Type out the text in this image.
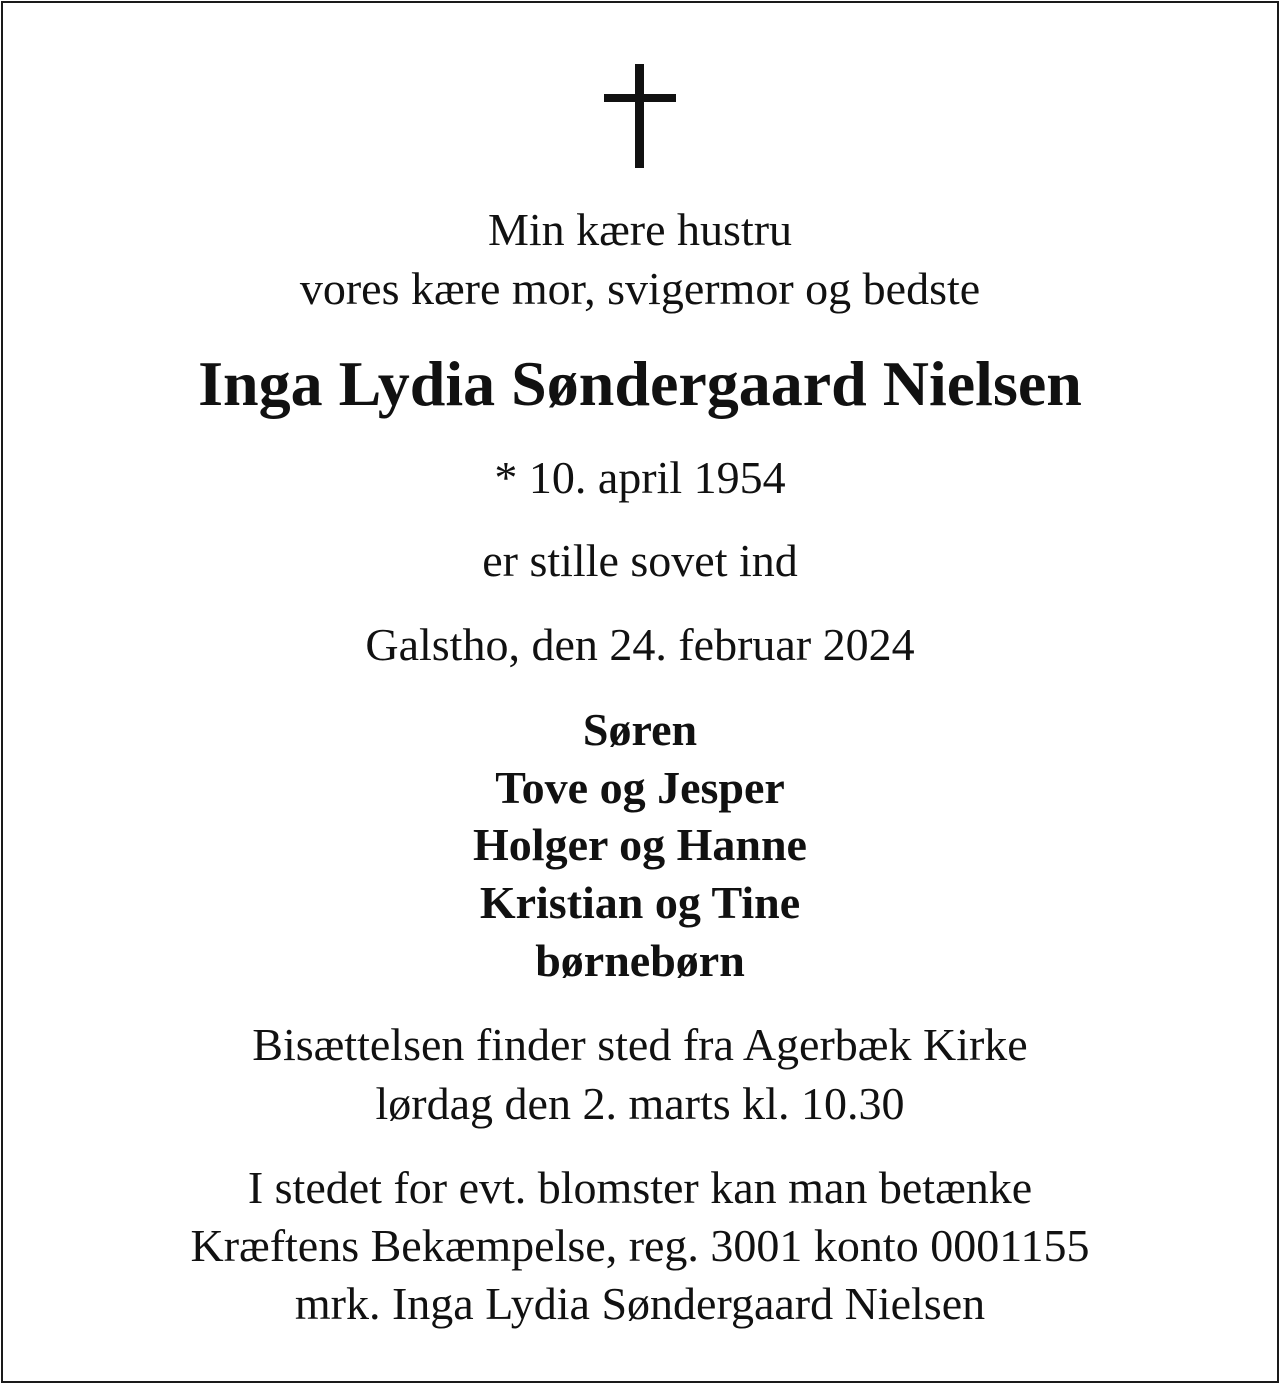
Min kære hustru
vores kære mor, svigermor og bedste
Inga Lydia Søndergaard Nielsen
* 10. april 1954
er stille sovet ind
Galstho, den 24. februar 2024
Søren
Tove og Jesper
Holger og Hanne
Kristian og Tine
børnebørn
Bisættelsen finder sted fra Agerbæk Kirke
lørdag den 2. marts kl. 10.30
I stedet for evt. blomster kan man betænke
Kræftens Bekæmpelse, reg. 3001 konto 0001155
mrk. Inga Lydia Søndergaard Nielsen
